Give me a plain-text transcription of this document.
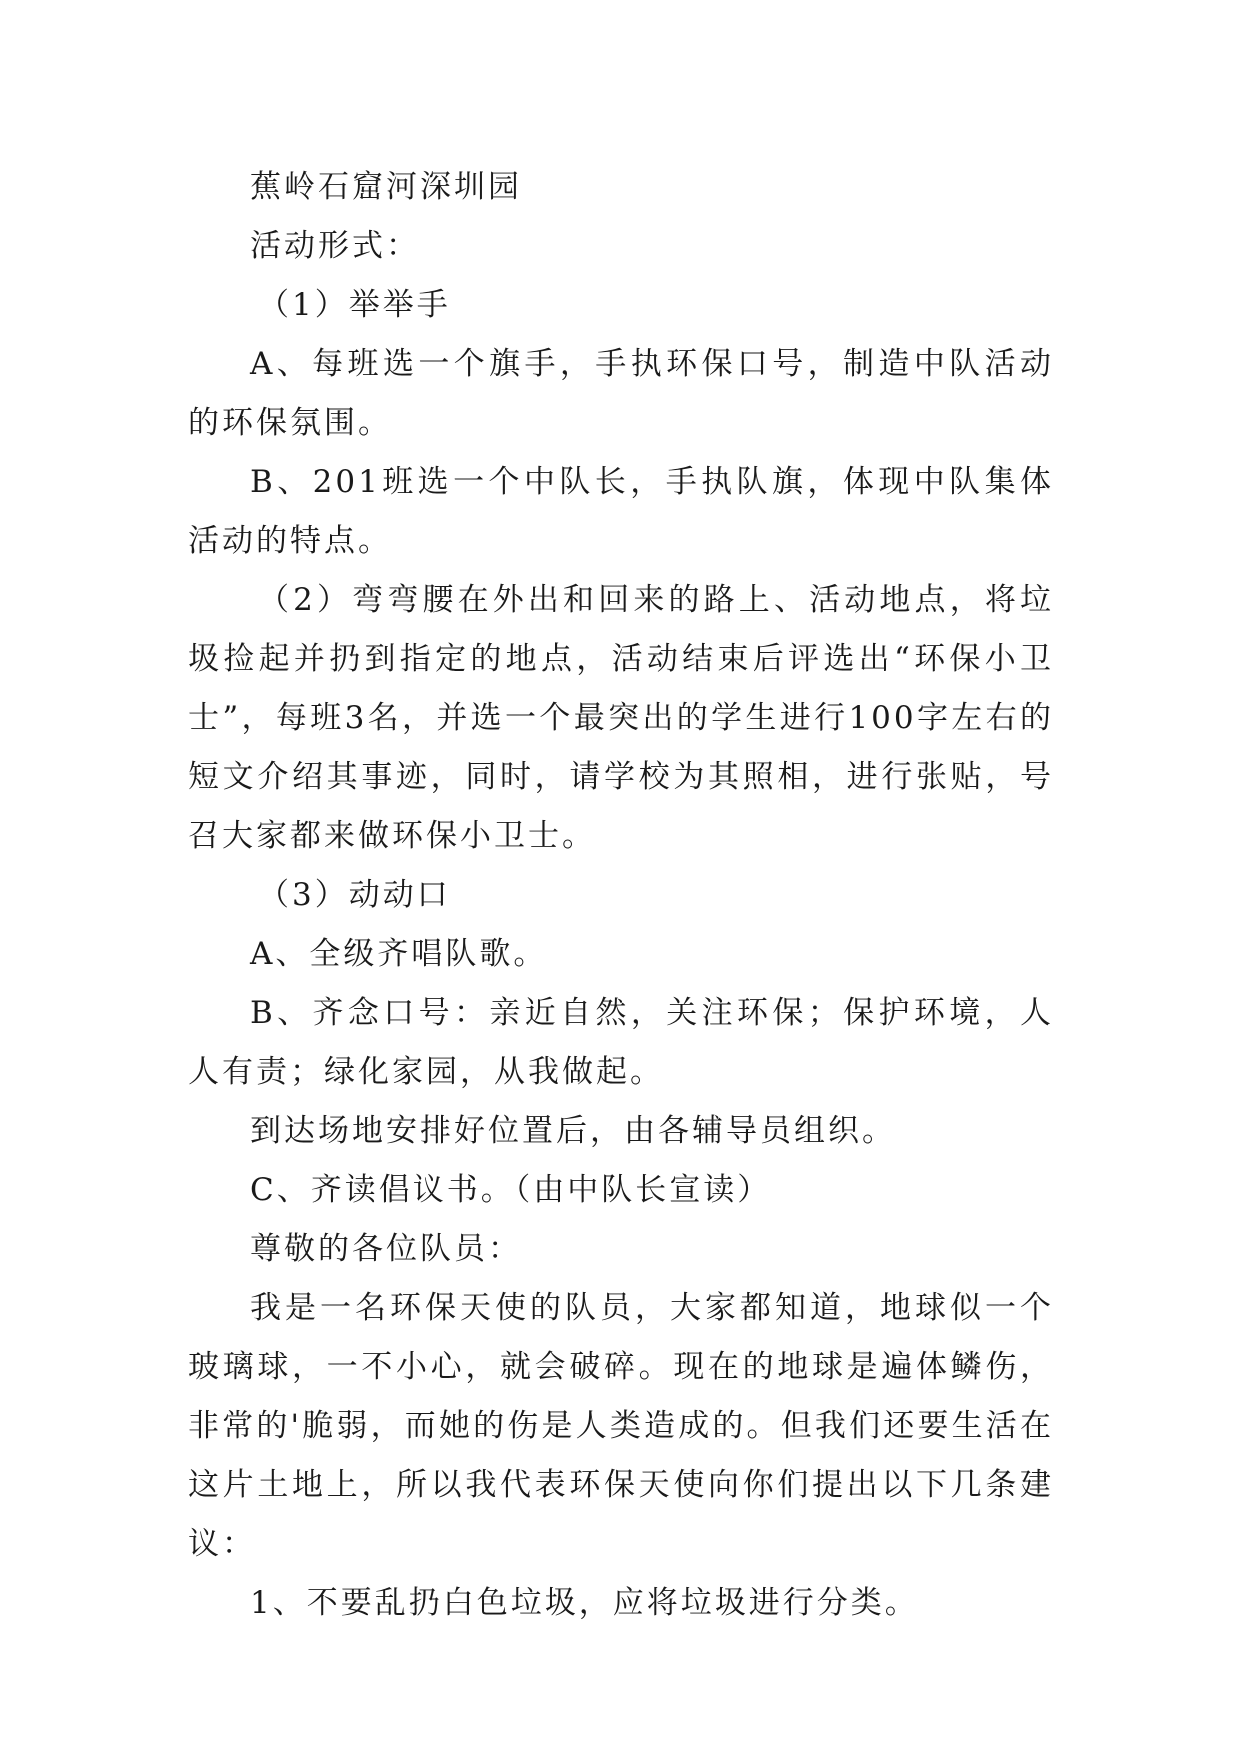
蕉岭石窟河深圳园

活动形式：

（1）举举手

A、每班选一个旗手，手执环保口号，制造中队活动的环保氛围。

B、201班选一个中队长，手执队旗，体现中队集体活动的特点。

（2）弯弯腰在外出和回来的路上、活动地点，将垃圾捡起并扔到指定的地点，活动结束后评选出“环保小卫士”，每班3名，并选一个最突出的学生进行100字左右的短文介绍其事迹，同时，请学校为其照相，进行张贴，号召大家都来做环保小卫士。

（3）动动口

A、全级齐唱队歌。

B、齐念口号：亲近自然，关注环保；保护环境，人人有责；绿化家园，从我做起。

到达场地安排好位置后，由各辅导员组织。

C、齐读倡议书。（由中队长宣读）

尊敬的各位队员：

我是一名环保天使的队员，大家都知道，地球似一个玻璃球，一不小心，就会破碎。现在的地球是遍体鳞伤，非常的'脆弱，而她的伤是人类造成的。但我们还要生活在这片土地上，所以我代表环保天使向你们提出以下几条建议：

1、不要乱扔白色垃圾，应将垃圾进行分类。
